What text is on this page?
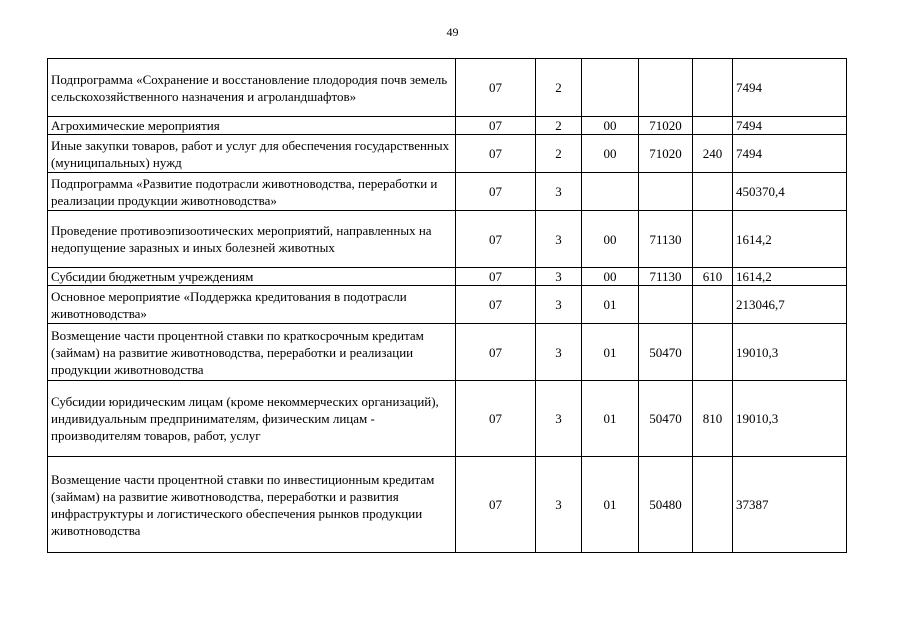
49
Подпрограмма «Сохранение и восстановление плодородия почв земель сельскохозяйственного назначения и агроландшафтов»	07	2				7494
Агрохимические мероприятия	07	2	00	71020		7494
Иные закупки товаров, работ и услуг для обеспечения государственных (муниципальных) нужд	07	2	00	71020	240	7494
Подпрограмма «Развитие подотрасли животноводства, переработки и реализации продукции животноводства»	07	3				450370,4
Проведение противоэпизоотических мероприятий, направленных на недопущение заразных и иных болезней животных	07	3	00	71130		1614,2
Субсидии бюджетным учреждениям	07	3	00	71130	610	1614,2
Основное мероприятие «Поддержка кредитования в подотрасли животноводства»	07	3	01			213046,7
Возмещение части процентной ставки по краткосрочным кредитам (займам) на развитие животноводства, переработки и реализации продукции животноводства	07	3	01	50470		19010,3
Субсидии юридическим лицам (кроме некоммерческих организаций), индивидуальным предпринимателям, физическим лицам - производителям товаров, работ, услуг	07	3	01	50470	810	19010,3
Возмещение части процентной ставки по инвестиционным кредитам (займам) на развитие животноводства, переработки и развития инфраструктуры и логистического обеспечения рынков продукции животноводства	07	3	01	50480		37387
